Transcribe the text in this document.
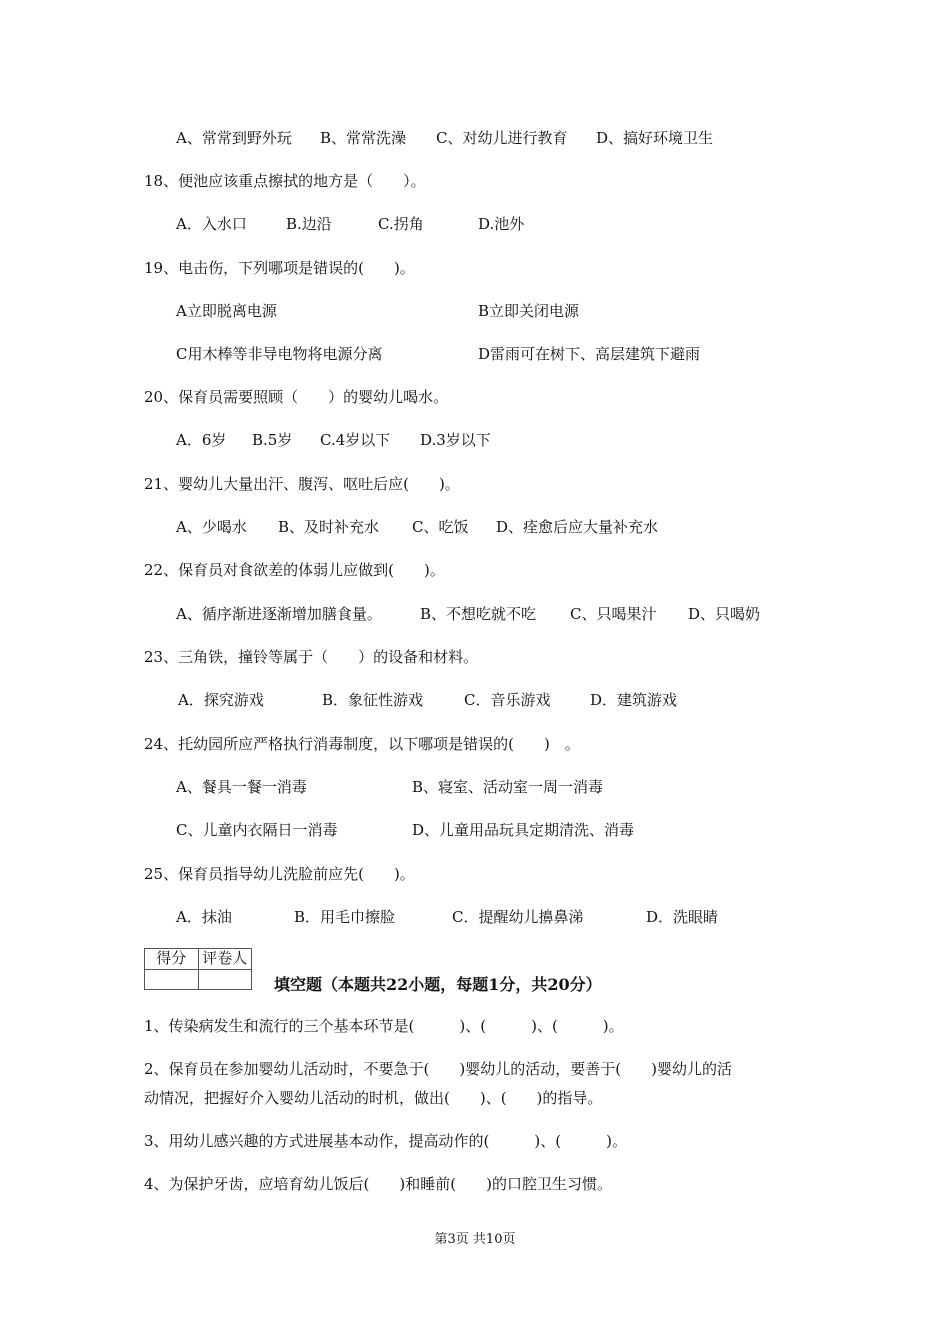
A、常常到野外玩 B、常常洗澡 C、对幼儿进行教育 D、搞好环境卫生
18、便池应该重点擦拭的地方是（　　）。
A．入水口	B.边沿	C.拐角	D.池外
19、电击伤，下列哪项是错误的(　　)。
A立即脱离电源	B立即关闭电源
C用木棒等非导电物将电源分离	D雷雨可在树下、高层建筑下避雨
20、保育员需要照顾（　　）的婴幼儿喝水。
A．6岁 B.5岁 C.4岁以下 D.3岁以下
21、婴幼儿大量出汗、腹泻、呕吐后应(　　)。
A、少喝水 B、及时补充水 C、吃饭 D、痊愈后应大量补充水
22、保育员对食欲差的体弱儿应做到(　　)。
A、循序渐进逐渐增加膳食量。	B、不想吃就不吃 C、只喝果汁 D、只喝奶
23、三角铁，撞铃等属于（　　）的设备和材料。
A．探究游戏	B．象征性游戏	C．音乐游戏	D．建筑游戏
24、托幼园所应严格执行消毒制度，以下哪项是错误的(　　)　。
A、餐具一餐一消毒	B、寝室、活动室一周一消毒
C、儿童内衣隔日一消毒	D、儿童用品玩具定期清洗、消毒
25、保育员指导幼儿洗脸前应先(　　)。
A．抹油	B．用毛巾擦脸	C．提醒幼儿擤鼻涕	D．洗眼睛
得分	评卷人

填空题（本题共22小题，每题1分，共20分）
1、传染病发生和流行的三个基本环节是(　　　)、(　　　)、(　　　)。
2、保育员在参加婴幼儿活动时，不要急于(　　)婴幼儿的活动，要善于(　　)婴幼儿的活
动情况，把握好介入婴幼儿活动的时机，做出(　　)、(　　)的指导。
3、用幼儿感兴趣的方式进展基本动作，提高动作的(　　　)、(　　　)。
4、为保护牙齿，应培育幼儿饭后(　　)和睡前(　　)的口腔卫生习惯。
第3页 共10页
